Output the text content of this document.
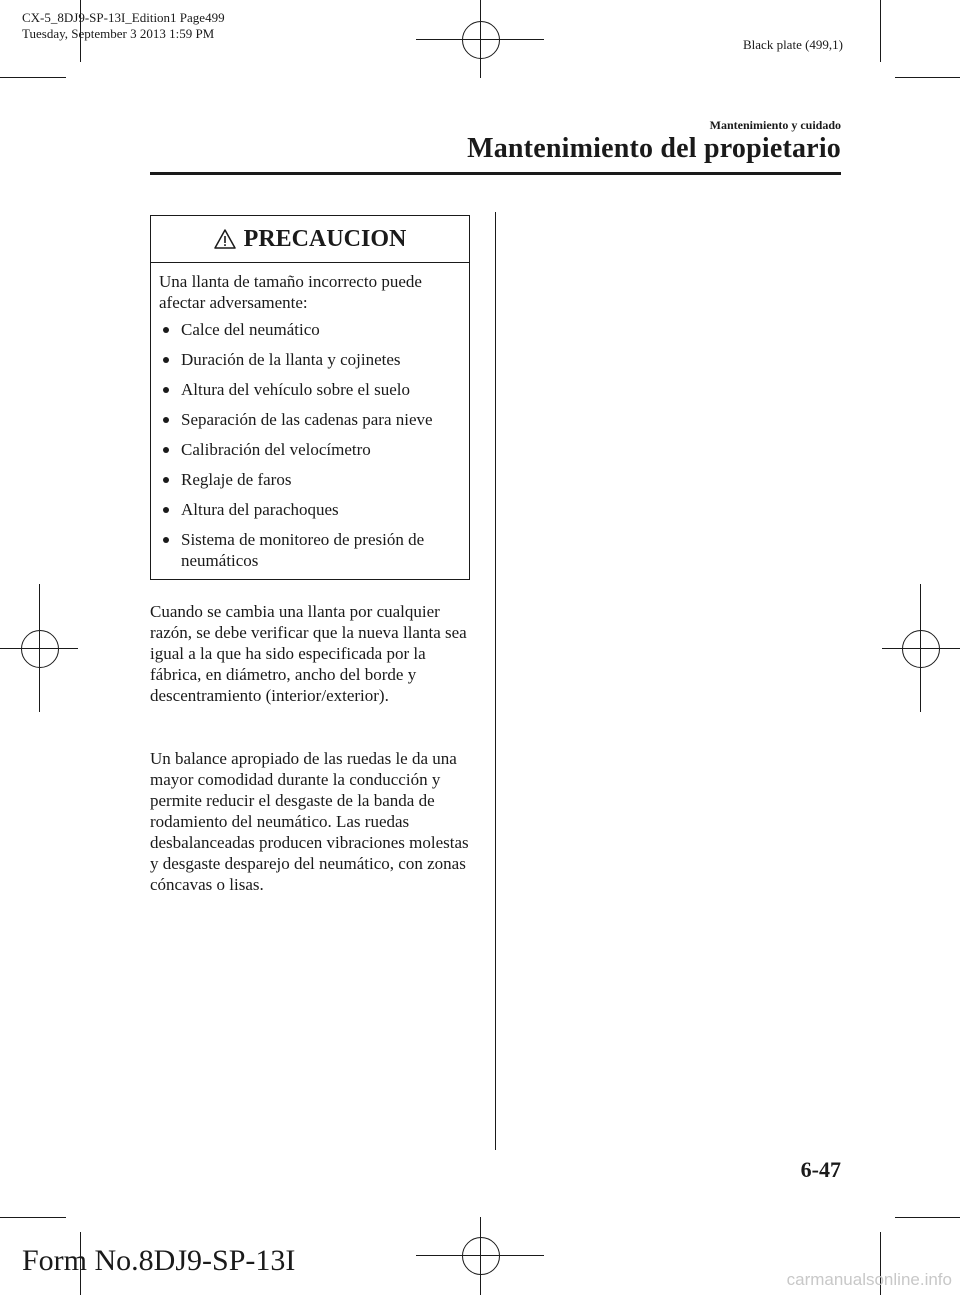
CX-5_8DJ9-SP-13I_Edition1 Page499
Tuesday, September 3 2013 1:59 PM
Black plate (499,1)
Mantenimiento y cuidado
Mantenimiento del propietario
PRECAUCION
Una llanta de tamaño incorrecto puede afectar adversamente:
Calce del neumático
Duración de la llanta y cojinetes
Altura del vehículo sobre el suelo
Separación de las cadenas para nieve
Calibración del velocímetro
Reglaje de faros
Altura del parachoques
Sistema de monitoreo de presión de neumáticos

Cuando se cambia una llanta por cualquier razón, se debe verificar que la nueva llanta sea igual a la que ha sido especificada por la fábrica, en diámetro, ancho del borde y descentramiento (interior/exterior).

Un balance apropiado de las ruedas le da una mayor comodidad durante la conducción y permite reducir el desgaste de la banda de rodamiento del neumático. Las ruedas desbalanceadas producen vibraciones molestas y desgaste desparejo del neumático, con zonas cóncavas o lisas.

6-47
Form No.8DJ9-SP-13I
carmanualsonline.info
